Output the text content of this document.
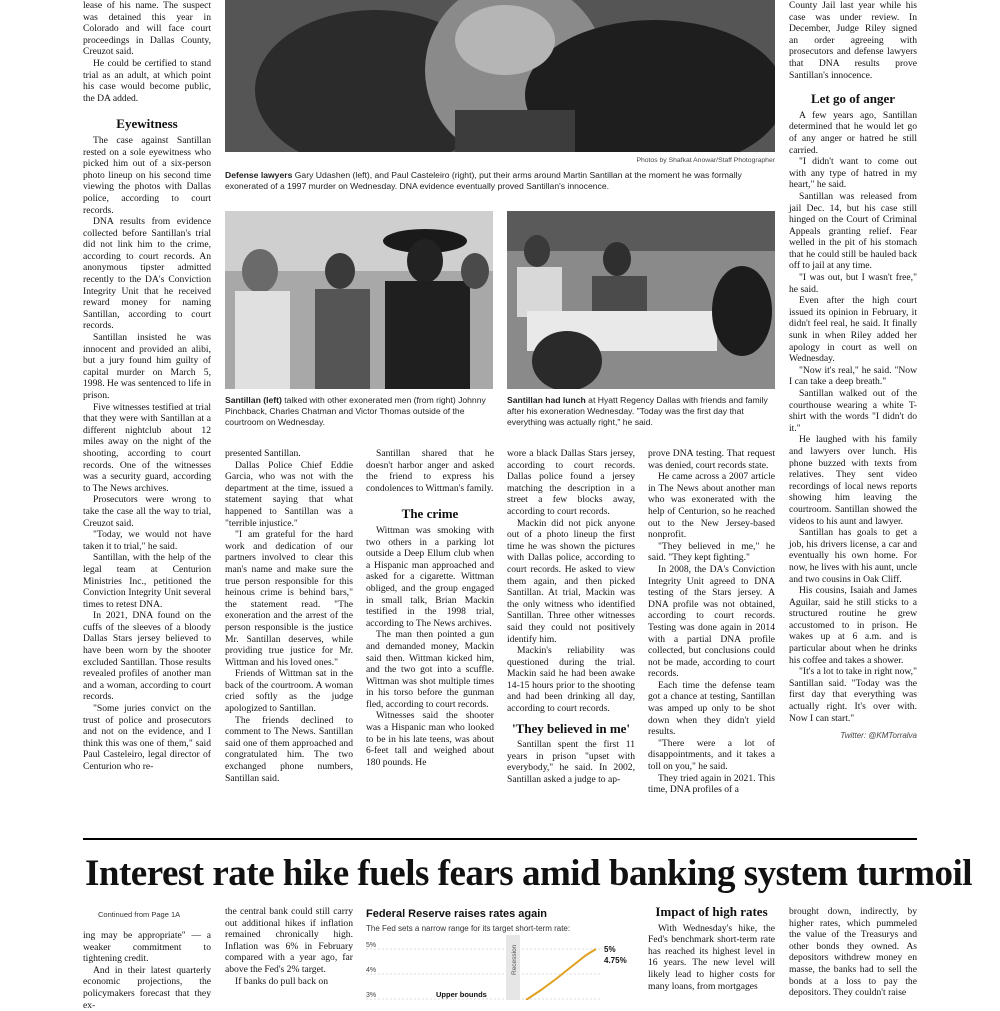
lease of his name. The suspect was detained this year in Colorado and will face court proceedings in Dallas County, Creuzot said.

He could be certified to stand trial as an adult, at which point his case would become public, the DA added.

Eyewitness

The case against Santillan rested on a sole eyewitness who picked him out of a six-person photo lineup on his second time viewing the photos with Dallas police, according to court records.

DNA results from evidence collected before Santillan's trial did not link him to the crime, according to court records. An anonymous tipster admitted recently to the DA's Conviction Integrity Unit that he received reward money for naming Santillan, according to court records.

Santillan insisted he was innocent and provided an alibi, but a jury found him guilty of capital murder on March 5, 1998. He was sentenced to life in prison.

Five witnesses testified at trial that they were with Santillan at a different nightclub about 12 miles away on the night of the shooting, according to court records. One of the witnesses was a security guard, according to The News archives.

Prosecutors were wrong to take the case all the way to trial, Creuzot said.

"Today, we would not have taken it to trial," he said.

Santillan, with the help of the legal team at Centurion Ministries Inc., petitioned the Conviction Integrity Unit several times to retest DNA.

In 2021, DNA found on the cuffs of the sleeves of a bloody Dallas Stars jersey believed to have been worn by the shooter excluded Santillan. Those results revealed profiles of another man and a woman, according to court records.

"Some juries convict on the trust of police and prosecutors and not on the evidence, and I think this was one of them," said Paul Casteleiro, legal director of Centurion who re-

Photos by Shafkat Anowar/Staff Photographer
Defense lawyers Gary Udashen (left), and Paul Casteleiro (right), put their arms around Martin Santillan at the moment he was formally exonerated of a 1997 murder on Wednesday. DNA evidence eventually proved Santillan's innocence.
Santillan (left) talked with other exonerated men (from right) Johnny Pinchback, Charles Chatman and Victor Thomas outside of the courtroom on Wednesday.
Santillan had lunch at Hyatt Regency Dallas with friends and family after his exoneration Wednesday. "Today was the first day that everything was actually right," he said.

presented Santillan.

Dallas Police Chief Eddie Garcia, who was not with the department at the time, issued a statement saying that what happened to Santillan was a "terrible injustice."

"I am grateful for the hard work and dedication of our partners involved to clear this man's name and make sure the true person responsible for this heinous crime is behind bars," the statement read. "The exoneration and the arrest of the person responsible is the justice Mr. Santillan deserves, while providing true justice for Mr. Wittman and his loved ones."

Friends of Wittman sat in the back of the courtroom. A woman cried softly as the judge apologized to Santillan.

The friends declined to comment to The News. Santillan said one of them approached and congratulated him. The two exchanged phone numbers, Santillan said.

Santillan shared that he doesn't harbor anger and asked the friend to express his condolences to Wittman's family.

The crime

Wittman was smoking with two others in a parking lot outside a Deep Ellum club when a Hispanic man approached and asked for a cigarette. Wittman obliged, and the group engaged in small talk, Brian Mackin testified in the 1998 trial, according to The News archives.

The man then pointed a gun and demanded money, Mackin said then. Wittman kicked him, and the two got into a scuffle. Wittman was shot multiple times in his torso before the gunman fled, according to court records.

Witnesses said the shooter was a Hispanic man who looked to be in his late teens, was about 6-feet tall and weighed about 180 pounds. He

wore a black Dallas Stars jersey, according to court records. Dallas police found a jersey matching the description in a street a few blocks away, according to court records.

Mackin did not pick anyone out of a photo lineup the first time he was shown the pictures with Dallas police, according to court records. He asked to view them again, and then picked Santillan. At trial, Mackin was the only witness who identified Santillan. Three other witnesses said they could not positively identify him.

Mackin's reliability was questioned during the trial. Mackin said he had been awake 14-15 hours prior to the shooting and had been drinking all day, according to court records.

'They believed in me'

Santillan spent the first 11 years in prison "upset with everybody," he said. In 2002, Santillan asked a judge to ap-

prove DNA testing. That request was denied, court records state.

He came across a 2007 article in The News about another man who was exonerated with the help of Centurion, so he reached out to the New Jersey-based nonprofit.

"They believed in me," he said. "They kept fighting."

In 2008, the DA's Conviction Integrity Unit agreed to DNA testing of the Stars jersey. A DNA profile was not obtained, according to court records. Testing was done again in 2014 with a partial DNA profile collected, but conclusions could not be made, according to court records.

Each time the defense team got a chance at testing, Santillan was amped up only to be shot down when they didn't yield results.

"There were a lot of disappointments, and it takes a toll on you," he said.

They tried again in 2021. This time, DNA profiles of a

County Jail last year while his case was under review. In December, Judge Riley signed an order agreeing with prosecutors and defense lawyers that DNA results prove Santillan's innocence.

Let go of anger

A few years ago, Santillan determined that he would let go of any anger or hatred he still carried.

"I didn't want to come out with any type of hatred in my heart," he said.

Santillan was released from jail Dec. 14, but his case still hinged on the Court of Criminal Appeals granting relief. Fear welled in the pit of his stomach that he could still be hauled back off to jail at any time.

"I was out, but I wasn't free," he said.

Even after the high court issued its opinion in February, it didn't feel real, he said. It finally sunk in when Riley added her apology in court as well on Wednesday.

"Now it's real," he said. "Now I can take a deep breath."

Santillan walked out of the courthouse wearing a white T-shirt with the words "I didn't do it."

He laughed with his family and lawyers over lunch. His phone buzzed with texts from relatives. They sent video recordings of local news reports showing him leaving the courtroom. Santillan showed the videos to his aunt and lawyer.

Santillan has goals to get a job, his drivers license, a car and eventually his own home. For now, he lives with his aunt, uncle and two cousins in Oak Cliff.

His cousins, Isaiah and James Aguilar, said he still sticks to a structured routine he grew accustomed to in prison. He wakes up at 6 a.m. and is particular about when he drinks his coffee and takes a shower.

"It's a lot to take in right now," Santillan said. "Today was the first day that everything was actually right. It's over with. Now I can start."

Twitter: @KMTorralva
Interest rate hike fuels fears amid banking system turmoil
Continued from Page 1A

ing may be appropriate" — a weaker commitment to tightening credit.

And in their latest quarterly economic projections, the policymakers forecast that they ex-

the central bank could still carry out additional hikes if inflation remained chronically high. Inflation was 6% in February compared with a year ago, far above the Fed's 2% target.

If banks do pull back on

Federal Reserve raises rates again
The Fed sets a narrow range for its target short-term rate:
5%
4%
3%
Recession
Upper bounds
5%
4.75%
Impact of high rates

With Wednesday's hike, the Fed's benchmark short-term rate has reached its highest level in 16 years. The new level will likely lead to higher costs for many loans, from mortgages

brought down, indirectly, by higher rates, which pummeled the value of the Treasurys and other bonds they owned. As depositors withdrew money en masse, the banks had to sell the bonds at a loss to pay the depositors. They couldn't raise
